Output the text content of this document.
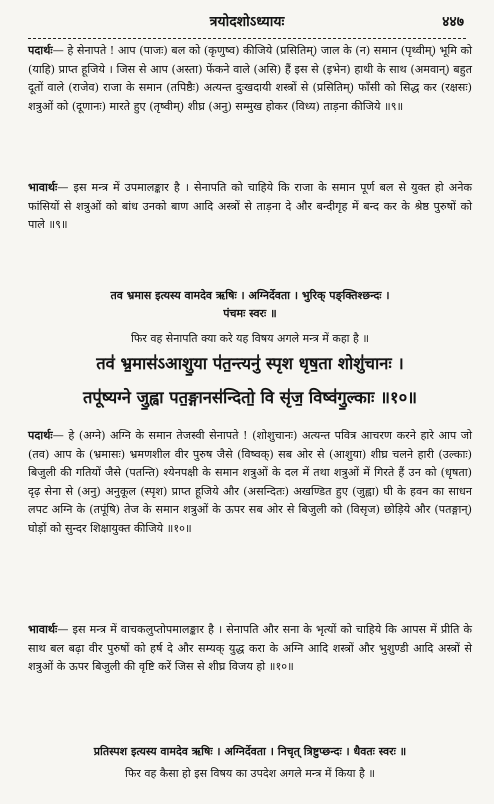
त्रयोदशोऽध्यायः	४४७
पदार्थः— हे सेनापते ! आप (पाजः) बल को (कृणुष्व) कीजिये (प्रसितिम्) जाल के (न) समान (पृथ्वीम्) भूमि को (याहि) प्राप्त हूजिये । जिस से आप (अस्ता) फेंकने वाले (असि) हैं इस से (इभेन) हाथी के साथ (अमवान्) बहुत दूतों वाले (राजेव) राजा के समान (तपिष्ठैः) अत्यन्त दुःखदायी शस्त्रों से (प्रसितिम्) फाँसी को सिद्ध कर (रक्षसः) शत्रुओं को (दूणानः) मारते हुए (तृष्वीम्) शीघ्र (अनु) सम्मुख होकर (विध्य) ताड़ना कीजिये ॥९॥
भावार्थः— इस मन्त्र में उपमालङ्कार है । सेनापति को चाहिये कि राजा के समान पूर्ण बल से युक्त हो अनेक फांसियों से शत्रुओं को बांध उनको बाण आदि अस्त्रों से ताड़ना दे और बन्दीगृह में बन्द कर के श्रेष्ठ पुरुषों को पाले ॥९॥
तव भ्रमास इत्यस्य वामदेव ऋषिः । अग्निर्देवता । भुरिक् पङ्क्तिश्छन्दः ।
पंचमः स्वरः ॥
फिर वह सेनापति क्या करे यह विषय अगले मन्त्र में कहा है ॥
तव॑ भ्र॒मास॑ऽआशु॒या प॑त॒न्त्यनु॑ स्पृश धृष॒ता शोशु॑चानः ।
तपू॑ष्यग्ने जु॒ह्वा पत॒ङ्गानस॑न्दितो॒ वि सृ॑ज॒ विष्व॑गु॒ल्काः ॥१०॥
पदार्थः— हे (अग्ने) अग्नि के समान तेजस्वी सेनापते ! (शोशुचानः) अत्यन्त पवित्र आचरण करने हारे आप जो (तव) आप के (भ्रमासः) भ्रमणशील वीर पुरुष जैसे (विष्वक्) सब ओर से (आशुया) शीघ्र चलने हारी (उल्काः) बिजुली की गतियों जैसे (पतन्ति) श्येनपक्षी के समान शत्रुओं के दल में तथा शत्रुओं में गिरते हैं उन को (धृषता) दृढ़ सेना से (अनु) अनुकूल (स्पृश) प्राप्त हूजिये और (असन्दितः) अखण्डित हुए (जुह्वा) घी के हवन का साधन लपट अग्नि के (तपूंषि) तेज के समान शत्रुओं के ऊपर सब ओर से बिजुली को (विसृज) छोड़िये और (पतङ्गान्) घोड़ों को सुन्दर शिक्षायुक्त कीजिये ॥१०॥
भावार्थः— इस मन्त्र में वाचकलुप्तोपमालङ्कार है । सेनापति और सना के भृत्यों को चाहिये कि आपस में प्रीति के साथ बल बढ़ा वीर पुरुषों को हर्ष दे और सम्यक् युद्ध करा के अग्नि आदि शस्त्रों और भुशुण्डी आदि अस्त्रों से शत्रुओं के ऊपर बिजुली की वृष्टि करें जिस से शीघ्र विजय हो ॥१०॥
प्रतिस्पश इत्यस्य वामदेव ऋषिः । अग्निर्देवता । निचृत् त्रिष्टुप्छन्दः । धैवतः स्वरः ॥
फिर वह कैसा हो इस विषय का उपदेश अगले मन्त्र में किया है ॥
